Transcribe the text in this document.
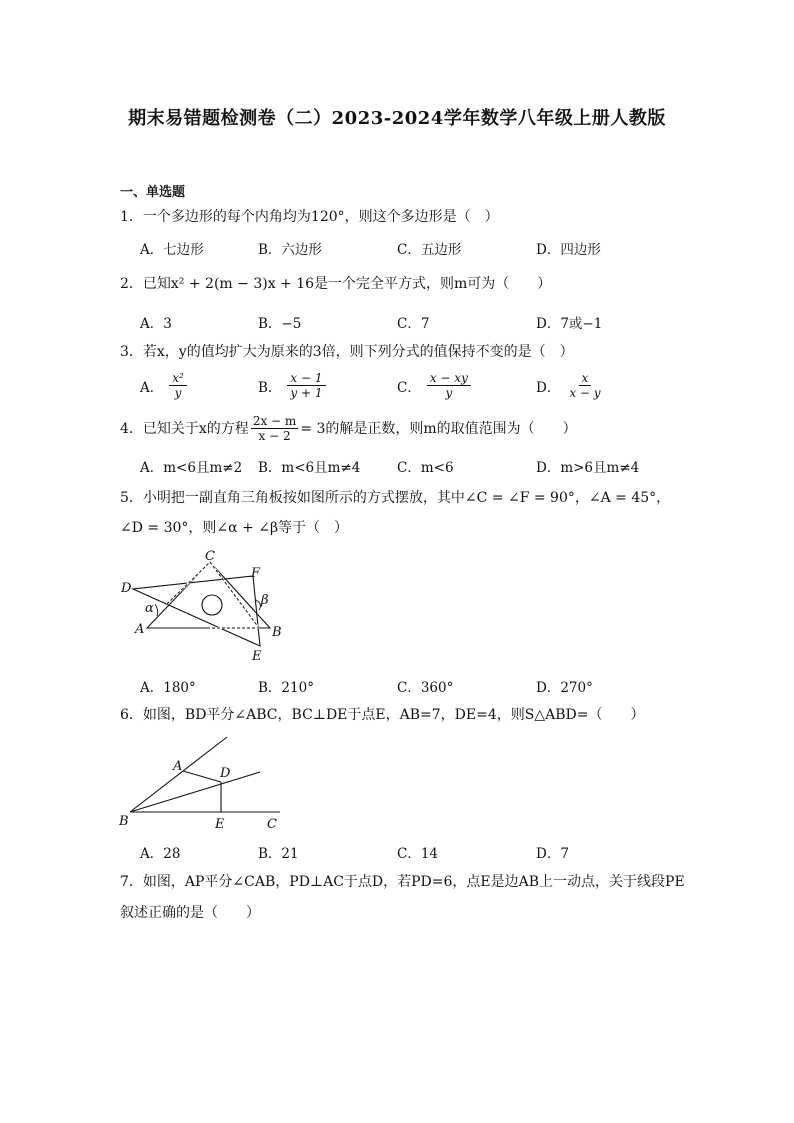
期末易错题检测卷（二）2023-2024学年数学八年级上册人教版
一、单选题
1．一个多边形的每个内角均为120°，则这个多边形是（　）
A．七边形	B．六边形	C．五边形	D．四边形
2．已知x² + 2(m − 3)x + 16是一个完全平方式，则m可为（　　）
A．3	B．−5	C．7	D．7或−1
3．若x，y的值均扩大为原来的3倍，则下列分式的值保持不变的是（　）
A． $\frac{\text{x²}}{y}$	B． $\frac{x - 1}{y + 1}$	C． $\frac{x - xy}{y}$	D． $\frac{x}{x - y}$
4．已知关于x的方程 $\frac{2x - m}{x - 2} = 3$的解是正数，则m的取值范围为（　　）
A．m<6且m≠2 B．m<6且m≠4	C．m<6	D．m>6且m≠4
5．小明把一副直角三角板按如图所示的方式摆放，其中∠C = ∠F = 90°，∠A = 45°，
∠D = 30°，则∠α + ∠β等于（　）
C
F
D
α
β
A	B
E
A．180°	B．210°	C．360°	D．270°
6．如图，BD平分∠ABC，BC⊥DE于点E，AB=7，DE=4，则S△ABD=（　　）
A	D
B	E	C
A．28	B．21	C．14	D．7
7．如图，AP平分∠CAB，PD⊥AC于点D，若PD=6，点E是边AB上一动点，关于线段PE
叙述正确的是（　　）
